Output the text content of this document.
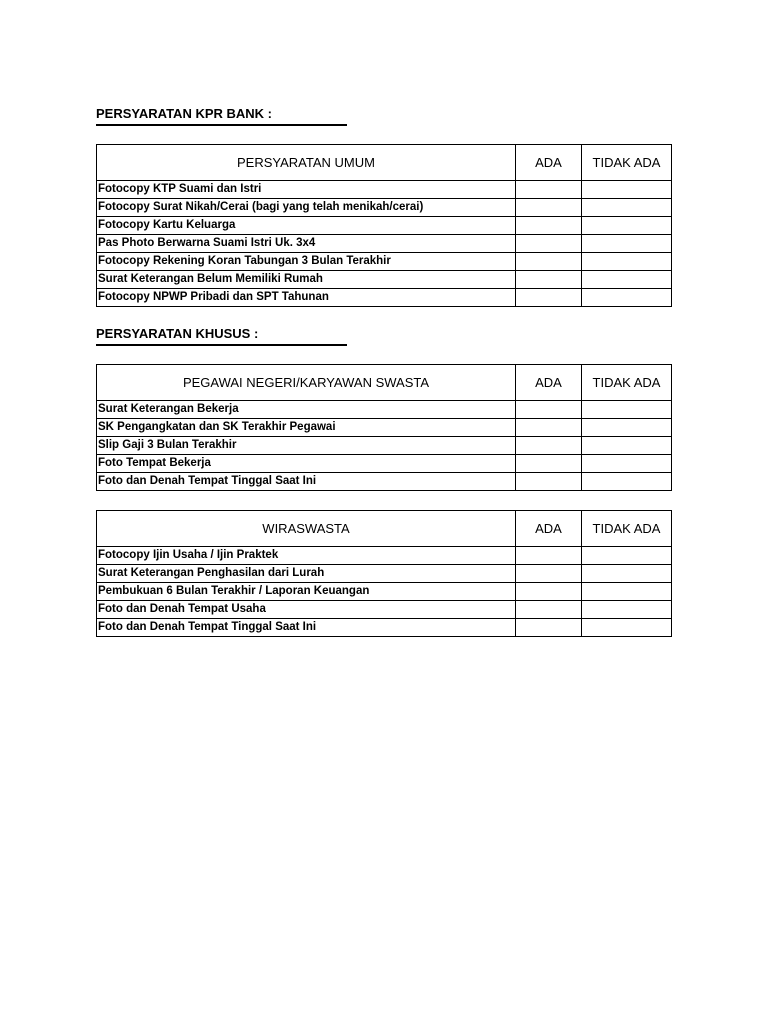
PERSYARATAN KPR BANK :
PERSYARATAN UMUM	ADA	TIDAK ADA
Fotocopy KTP Suami dan Istri		
Fotocopy Surat Nikah/Cerai (bagi yang telah menikah/cerai)		
Fotocopy Kartu Keluarga		
Pas Photo Berwarna Suami Istri Uk. 3x4		
Fotocopy Rekening Koran Tabungan 3 Bulan Terakhir		
Surat Keterangan Belum Memiliki Rumah		
Fotocopy NPWP Pribadi dan SPT Tahunan		
PERSYARATAN KHUSUS :
PEGAWAI NEGERI/KARYAWAN SWASTA	ADA	TIDAK ADA
Surat Keterangan Bekerja		
SK Pengangkatan dan SK Terakhir Pegawai		
Slip Gaji 3 Bulan Terakhir		
Foto Tempat Bekerja		
Foto dan Denah Tempat Tinggal Saat Ini		
WIRASWASTA	ADA	TIDAK ADA
Fotocopy Ijin Usaha / Ijin Praktek		
Surat Keterangan Penghasilan dari Lurah		
Pembukuan 6 Bulan Terakhir / Laporan Keuangan		
Foto dan Denah Tempat Usaha		
Foto dan Denah Tempat Tinggal Saat Ini		
